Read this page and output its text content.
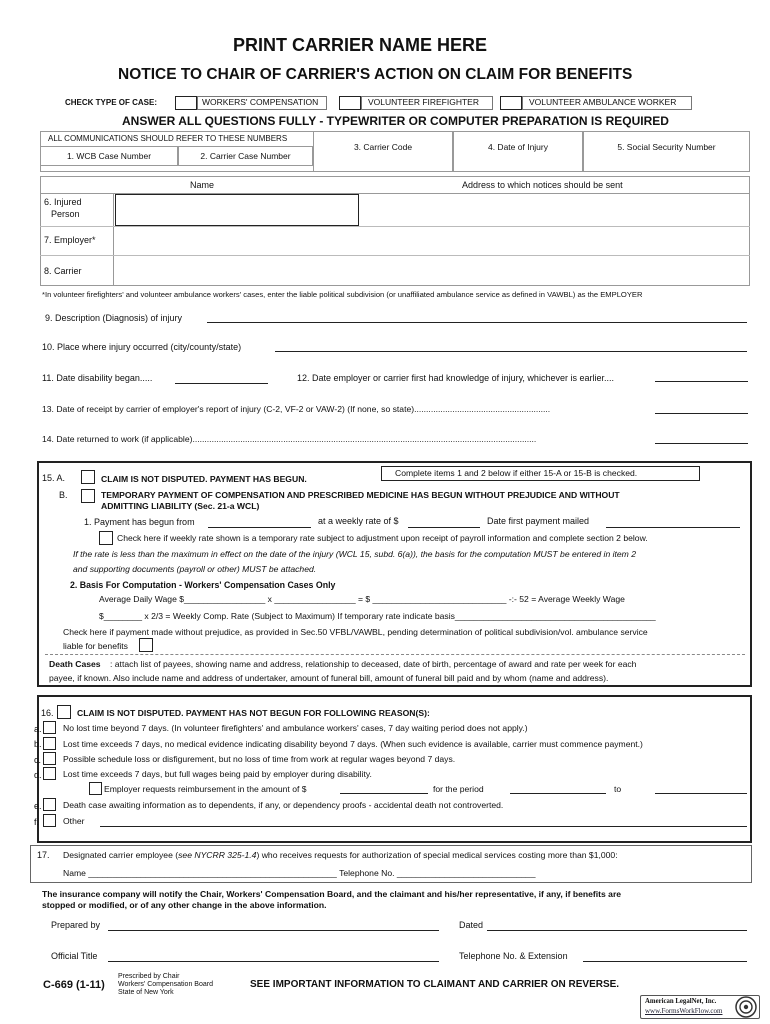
PRINT CARRIER NAME HERE
NOTICE TO CHAIR OF CARRIER'S ACTION ON CLAIM FOR BENEFITS
CHECK TYPE OF CASE:	WORKERS' COMPENSATION	VOLUNTEER FIREFIGHTER	VOLUNTEER AMBULANCE WORKER
ANSWER ALL QUESTIONS FULLY - TYPEWRITER OR COMPUTER PREPARATION IS REQUIRED
ALL COMMUNICATIONS SHOULD REFER TO THESE NUMBERS
1. WCB Case Number	2. Carrier Case Number
3. Carrier Code	4. Date of Injury	5. Social Security Number
Name	Address to which notices should be sent
6. Injured
Person
7. Employer*
8. Carrier
*In volunteer firefighters' and volunteer ambulance workers' cases, enter the liable political subdivision (or unaffiliated ambulance service as defined in VAWBL) as the EMPLOYER
9. Description (Diagnosis) of injury
10. Place where injury occurred (city/county/state)
11. Date disability began.....	12. Date employer or carrier first had knowledge of injury, whichever is earlier....
13. Date of receipt by carrier of employer's report of injury (C-2, VF-2 or VAW-2) (If none, so state).........................................................
14. Date returned to work (if applicable)................................................................................................................................................
15. A.	CLAIM IS NOT DISPUTED. PAYMENT HAS BEGUN.
Complete items 1 and 2 below if either 15-A or 15-B is checked.
B.	TEMPORARY PAYMENT OF COMPENSATION AND PRESCRIBED MEDICINE HAS BEGUN WITHOUT PREJUDICE AND WITHOUT
ADMITTING LIABILITY (Sec. 21-a WCL)
1. Payment has begun from	at a weekly rate of $	Date first payment mailed
Check here if weekly rate shown is a temporary rate subject to adjustment upon receipt of payroll information and complete section 2 below.
If the rate is less than the maximum in effect on the date of the injury (WCL 15, subd. 6(a)), the basis for the computation MUST be entered in item 2
and supporting documents (payroll or other) MUST be attached.
2. Basis For Computation - Workers' Compensation Cases Only
Average Daily Wage $_________________ x _________________ = $ ____________________________ -:- 52 = Average Weekly Wage
$________ x 2/3 = Weekly Comp. Rate (Subject to Maximum) If temporary rate indicate basis__________________________________________
Check here if payment made without prejudice, as provided in Sec.50 VFBL/VAWBL, pending determination of political subdivision/vol. ambulance service
liable for benefits
Death Cases : attach list of payees, showing name and address, relationship to deceased, date of birth, percentage of award and rate per week for each
payee, if known. Also include name and address of undertaker, amount of funeral bill, amount of funeral bill paid and by whom (name and address).
16.	CLAIM IS NOT DISPUTED. PAYMENT HAS NOT BEGUN FOR FOLLOWING REASON(S):
a. No lost time beyond 7 days. (In volunteer firefighters' and ambulance workers' cases, 7 day waiting period does not apply.)
b. Lost time exceeds 7 days, no medical evidence indicating disability beyond 7 days. (When such evidence is available, carrier must commence payment.)
c.	Possible schedule loss or disfigurement, but no loss of time from work at regular wages beyond 7 days.
d. Lost time exceeds 7 days, but full wages being paid by employer during disability.
Employer requests reimbursement in the amount of $	for the period	to
e. Death case awaiting information as to dependents, if any, or dependency proofs - accidental death not controverted.
f.	Other
17. Designated carrier employee (see NYCRR 325-1.4) who receives requests for authorization of special medical services costing more than $1,000:
Name ____________________________________________________ Telephone No. _____________________________
The insurance company will notify the Chair, Workers' Compensation Board, and the claimant and his/her representative, if any, if benefits are
stopped or modified, or of any other change in the above information.
Prepared by	Dated
Official Title	Telephone No. & Extension
C-669 (1-11)
Prescribed by Chair
Workers' Compensation Board
State of New York
SEE IMPORTANT INFORMATION TO CLAIMANT AND CARRIER ON REVERSE.
American LegalNet, Inc.
www.FormsWorkFlow.com
